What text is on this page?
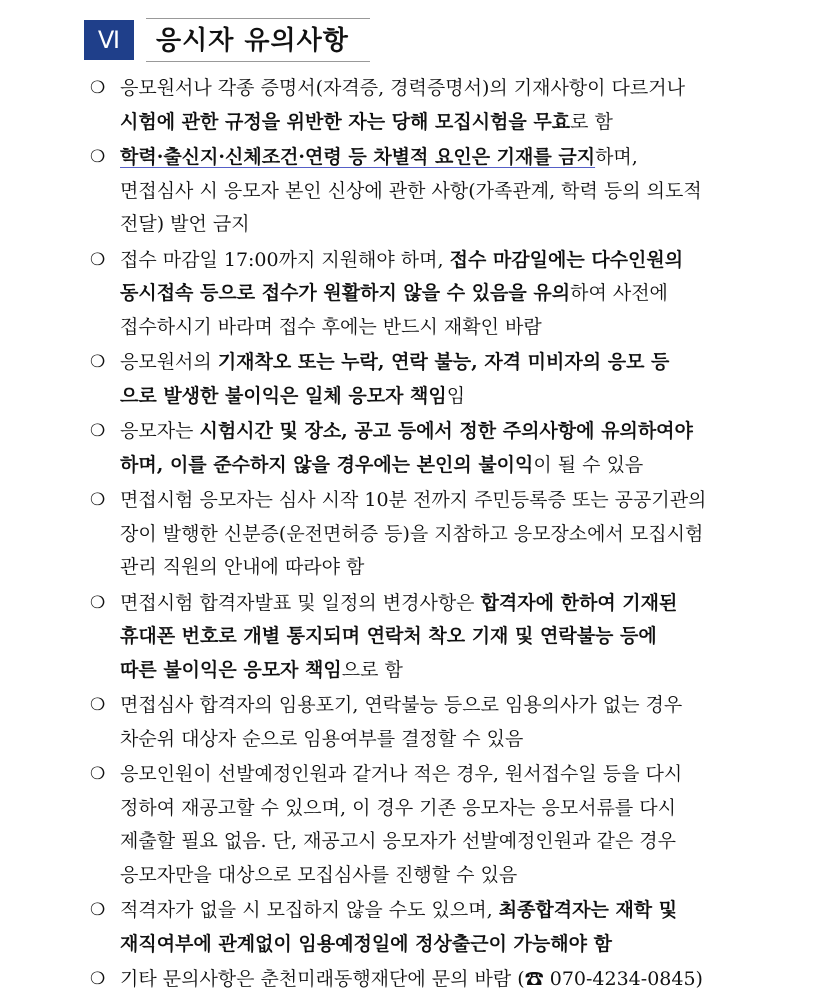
Ⅵ	응시자 유의사항
❍ 응모원서나 각종 증명서(자격증, 경력증명서)의 기재사항이 다르거나
시험에 관한 규정을 위반한 자는 당해 모집시험을 무효로 함
❍ 학력·출신지·신체조건·연령 등 차별적 요인은 기재를 금지하며,
면접심사 시 응모자 본인 신상에 관한 사항(가족관계, 학력 등의 의도적
전달) 발언 금지
❍ 접수 마감일 17:00까지 지원해야 하며, 접수 마감일에는 다수인원의
동시접속 등으로 접수가 원활하지 않을 수 있음을 유의하여 사전에
접수하시기 바라며 접수 후에는 반드시 재확인 바람
❍ 응모원서의 기재착오 또는 누락, 연락 불능, 자격 미비자의 응모 등
으로 발생한 불이익은 일체 응모자 책임임
❍ 응모자는 시험시간 및 장소, 공고 등에서 정한 주의사항에 유의하여야
하며, 이를 준수하지 않을 경우에는 본인의 불이익이 될 수 있음
❍ 면접시험 응모자는 심사 시작 10분 전까지 주민등록증 또는 공공기관의
장이 발행한 신분증(운전면허증 등)을 지참하고 응모장소에서 모집시험
관리 직원의 안내에 따라야 함
❍ 면접시험 합격자발표 및 일정의 변경사항은 합격자에 한하여 기재된
휴대폰 번호로 개별 통지되며 연락처 착오 기재 및 연락불능 등에
따른 불이익은 응모자 책임으로 함
❍ 면접심사 합격자의 임용포기, 연락불능 등으로 임용의사가 없는 경우
차순위 대상자 순으로 임용여부를 결정할 수 있음
❍ 응모인원이 선발예정인원과 같거나 적은 경우, 원서접수일 등을 다시
정하여 재공고할 수 있으며, 이 경우 기존 응모자는 응모서류를 다시
제출할 필요 없음. 단, 재공고시 응모자가 선발예정인원과 같은 경우
응모자만을 대상으로 모집심사를 진행할 수 있음
❍ 적격자가 없을 시 모집하지 않을 수도 있으며, 최종합격자는 재학 및
재직여부에 관계없이 임용예정일에 정상출근이 가능해야 함
❍ 기타 문의사항은 춘천미래동행재단에 문의 바람 (☎ 070-4234-0845)
